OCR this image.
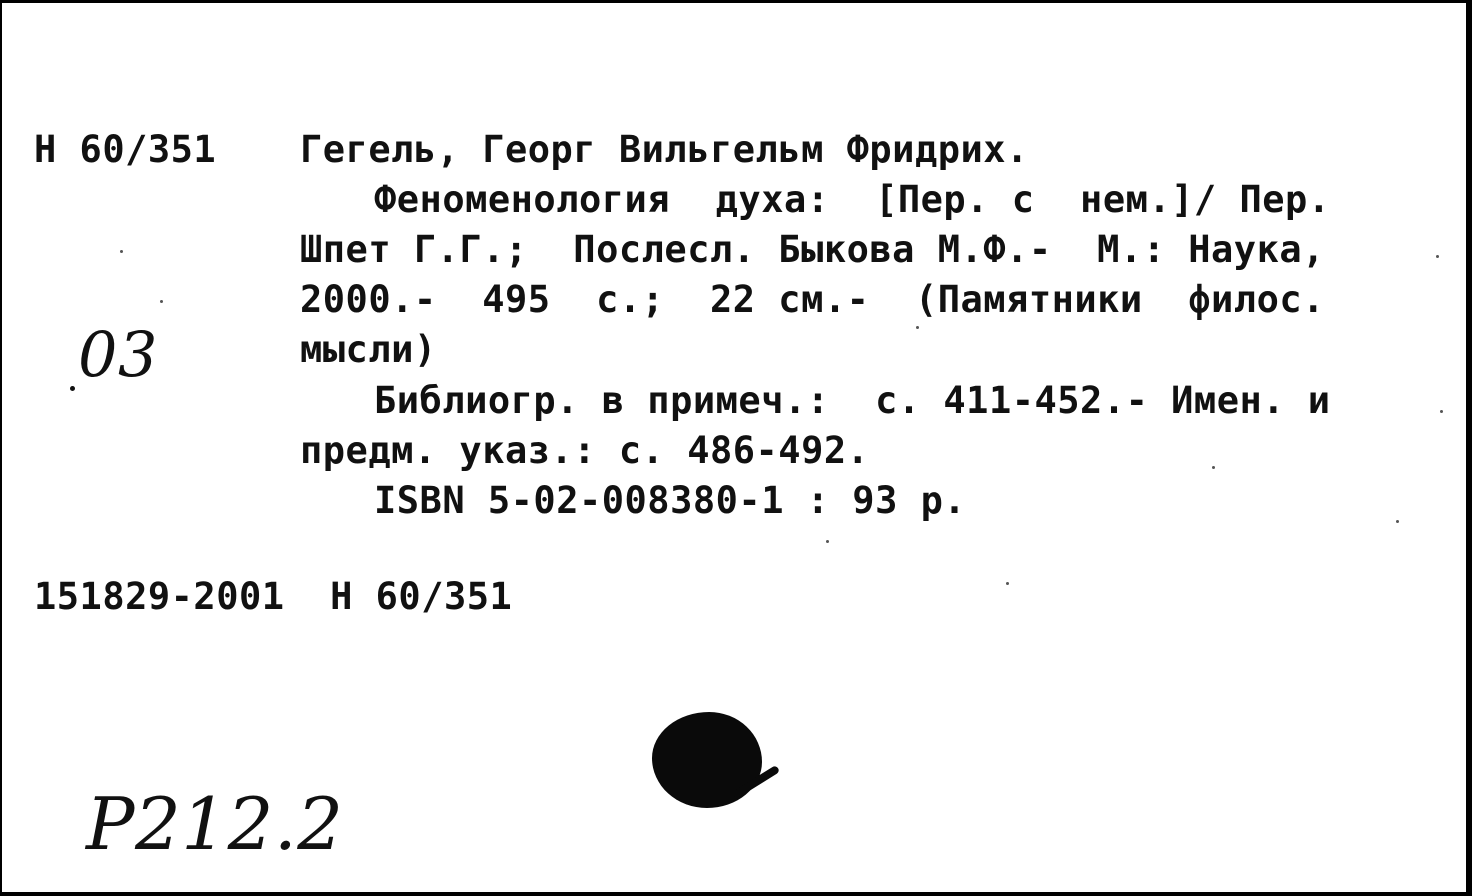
Н 60/351 Гегель, Георг Вильгельм Фридрих.
Феноменология  духа:  [Пер. с  нем.]/ Пер.
Шпет Г.Г.;  Послесл. Быкова М.Ф.-  М.: Наука,
2000.-  495  с.;  22 см.-  (Памятники  филос.
мысли)
Библиогр. в примеч.:  с. 411-452.- Имен. и
предм. указ.: с. 486-492.
ISBN 5-02-008380-1 : 93 р.
151829-2001  Н 60/351
03
Р212.2
